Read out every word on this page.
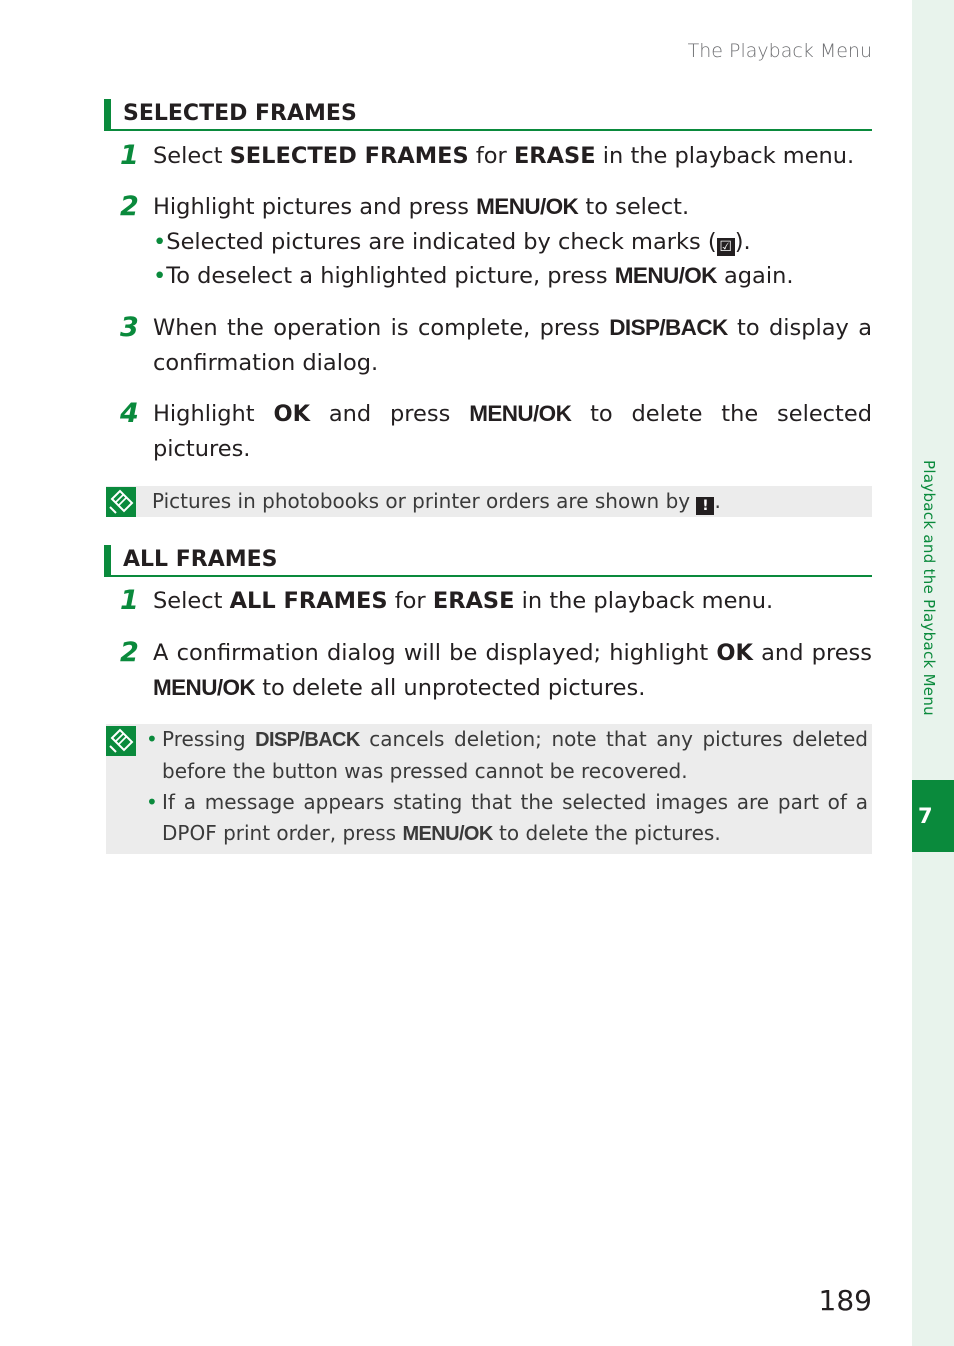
Playback and the Playback Menu
7
The Playback Menu
SELECTED FRAMES
1 Select SELECTED FRAMES for ERASE in the playback menu.
2 Highlight pictures and press MENU/OK to select.
•Selected pictures are indicated by check marks ( ☑ ).
•To deselect a highlighted picture, press MENU/OK again.
3 When the operation is complete, press DISP/BACK to display a confirmation dialog.
4 Highlight OK and press MENU/OK to delete the selected pictures.
Pictures in photobooks or printer orders are shown by ! .
ALL FRAMES
1 Select ALL FRAMES for ERASE in the playback menu.
2 A confirmation dialog will be displayed; highlight OK and press MENU/OK to delete all unprotected pictures.
• Pressing DISP/BACK cancels deletion; note that any pictures deleted before the button was pressed cannot be recovered.
• If a message appears stating that the selected images are part of a DPOF print order, press MENU/OK to delete the pictures.
189
